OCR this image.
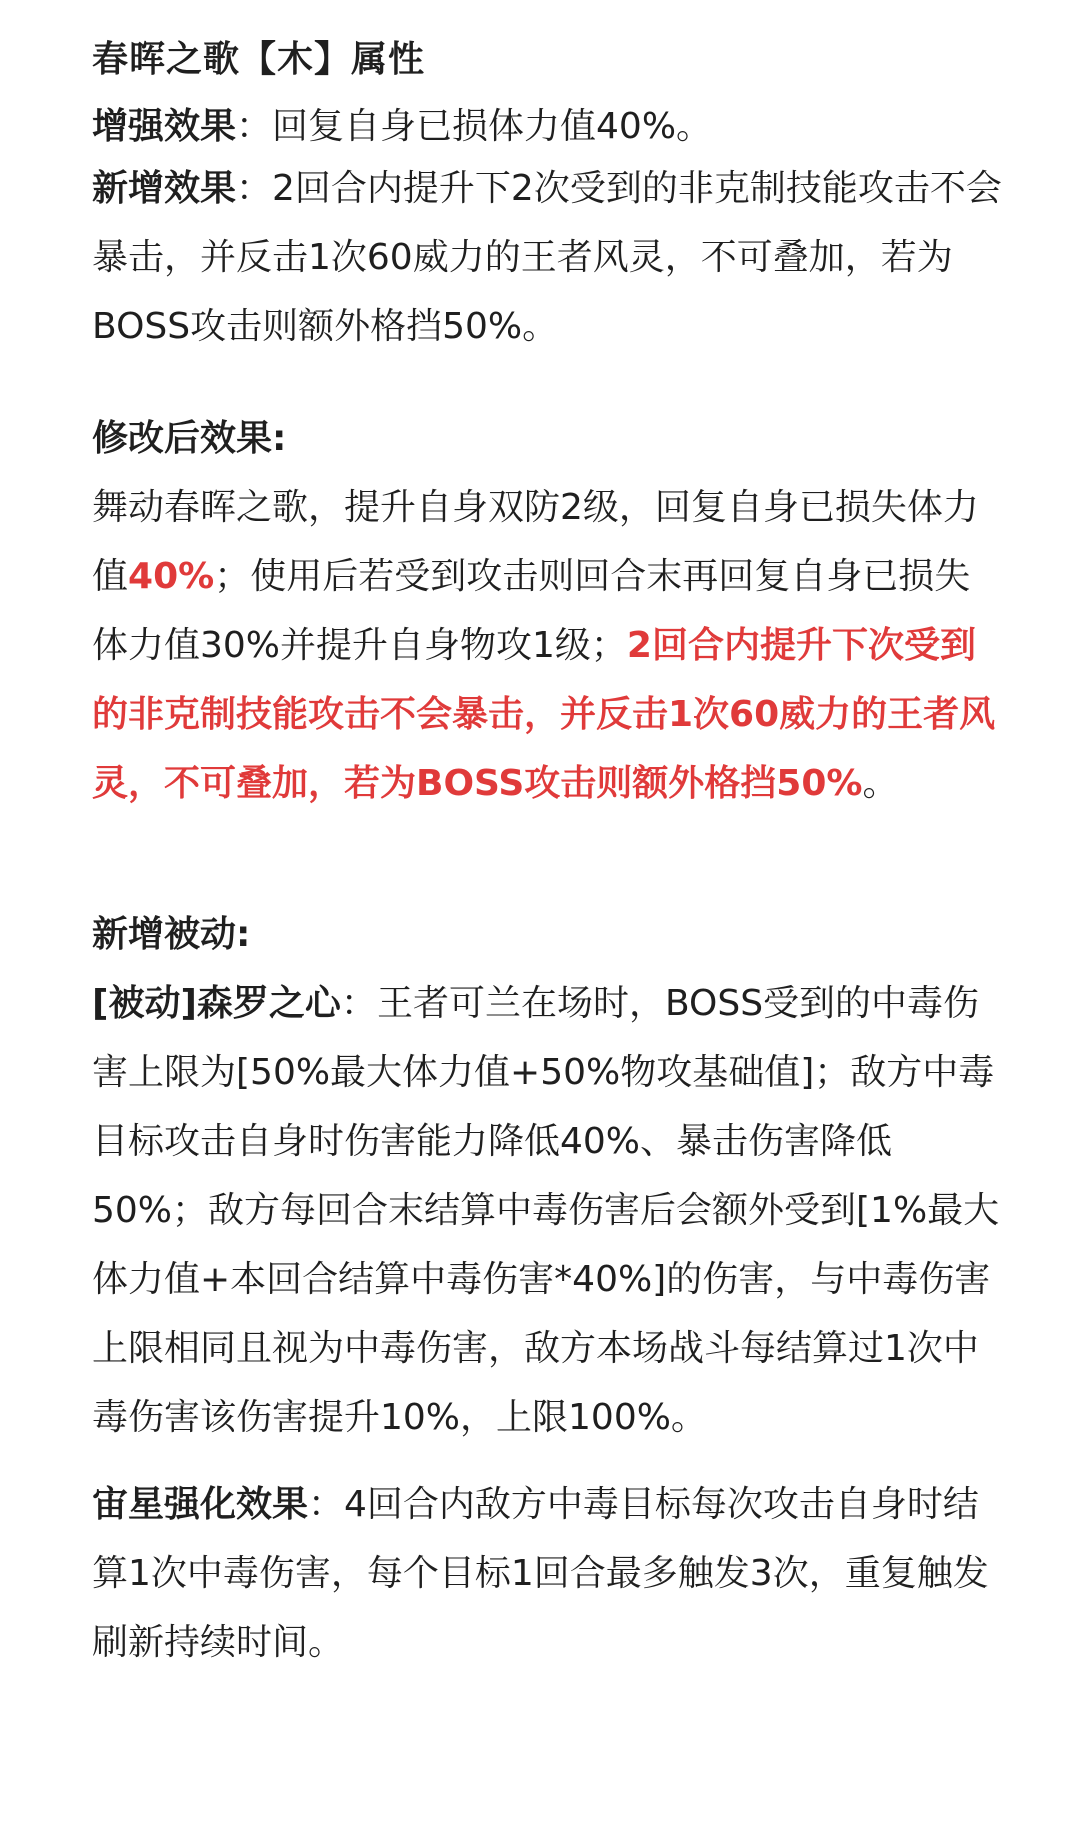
春晖之歌【木】属性

增强效果：回复自身已损体力值40%。

新增效果：2回合内提升下2次受到的非克制技能攻击不会暴击，并反击1次60威力的王者风灵，不可叠加，若为BOSS攻击则额外格挡50%。

修改后效果:

舞动春晖之歌，提升自身双防2级，回复自身已损失体力值40%；使用后若受到攻击则回合末再回复自身已损失体力值30%并提升自身物攻1级；2回合内提升下次受到的非克制技能攻击不会暴击，并反击1次60威力的王者风灵，不可叠加，若为BOSS攻击则额外格挡50%。

新增被动:

[被动]森罗之心：王者可兰在场时，BOSS受到的中毒伤害上限为[50%最大体力值+50%物攻基础值]；敌方中毒目标攻击自身时伤害能力降低40%、暴击伤害降低50%；敌方每回合末结算中毒伤害后会额外受到[1%最大体力值+本回合结算中毒伤害*40%]的伤害，与中毒伤害上限相同且视为中毒伤害，敌方本场战斗每结算过1次中毒伤害该伤害提升10%，上限100%。

宙星强化效果：4回合内敌方中毒目标每次攻击自身时结算1次中毒伤害，每个目标1回合最多触发3次，重复触发刷新持续时间。
